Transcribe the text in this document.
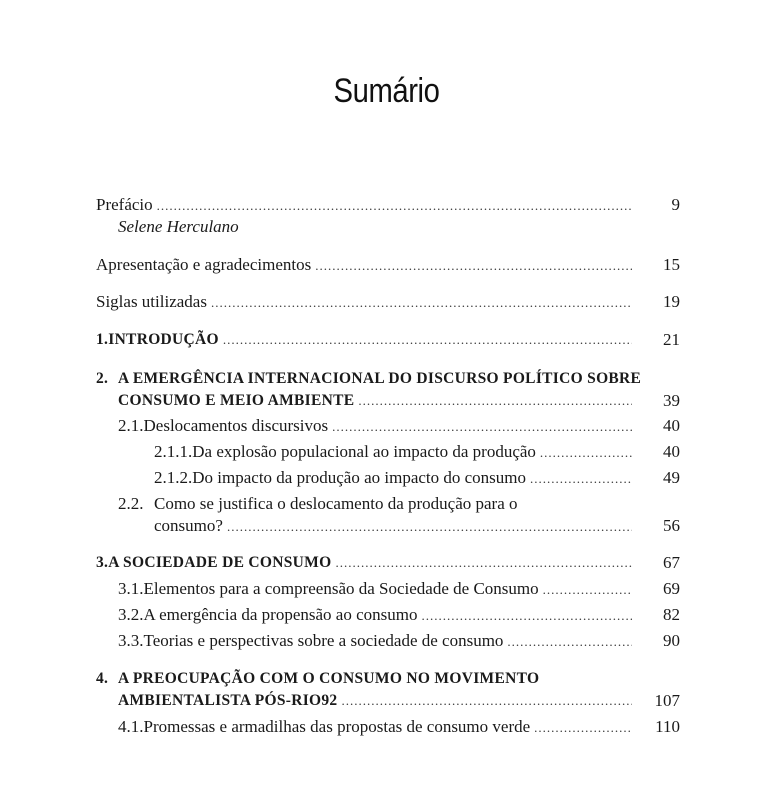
Sumário
Prefácio .....	9
Selene Herculano
Apresentação e agradecimentos .....	15
Siglas utilizadas .....	19
1. INTRODUÇÃO .....	21
2. A EMERGÊNCIA INTERNACIONAL DO DISCURSO POLÍTICO SOBRE
CONSUMO E MEIO AMBIENTE .....	39
2.1. Deslocamentos discursivos .....	40
2.1.1. Da explosão populacional ao impacto da produção .....	40
2.1.2. Do impacto da produção ao impacto do consumo .....	49
2.2. Como se justifica o deslocamento da produção para o
consumo? .....	56
3. A SOCIEDADE DE CONSUMO .....	67
3.1. Elementos para a compreensão da Sociedade de Consumo .....	69
3.2. A emergência da propensão ao consumo .....	82
3.3. Teorias e perspectivas sobre a sociedade de consumo .....	90
4. A PREOCUPAÇÃO COM O CONSUMO NO MOVIMENTO
AMBIENTALISTA PÓS-RIO92 .....	107
4.1. Promessas e armadilhas das propostas de consumo verde .....	110
